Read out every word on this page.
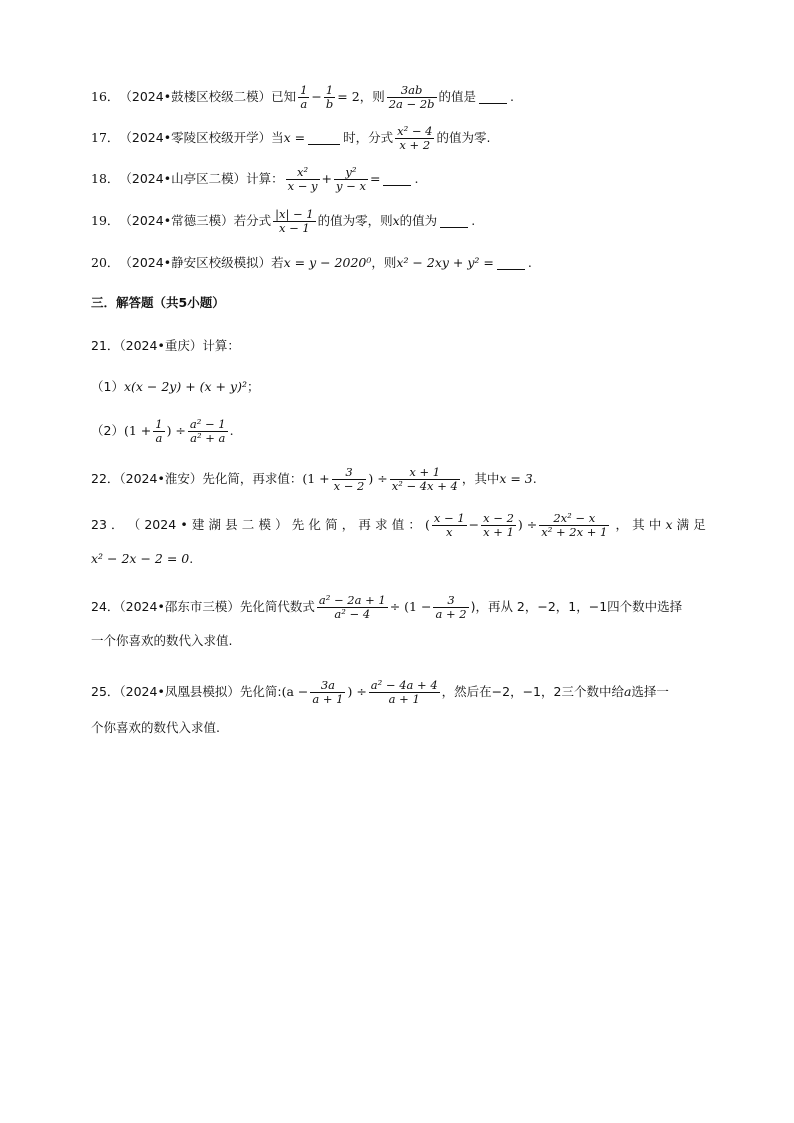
16． （2024•鼓楼区校级二模）已知 $\frac{1}{a} - \frac{1}{b} = 2$ ，则 $\frac{3ab}{2a - 2b}$ 的值是	.
17． （2024•零陵区校级开学）当 x =	时，分式 $\frac{\text{x² − 4}}{x + 2}$ 的值为零.
18． （2024•山亭区二模）计算： $\frac{\text{x²}}{x - y} + \frac{\text{y²}}{y - x}$ =	.
19． （2024•常德三模）若分式 $\frac{|x| - 1}{x - 1}$ 的值为零，则 x 的值为	.
20． （2024•静安区校级模拟）若 x = y − 2020⁰ ，则 x² − 2xy + y² =	.
三．解答题（共5小题）
21．（2024•重庆）计算：
（1） x(x − 2y) + (x + y)² ；
（2） ($1 + \frac{1}{a}$ ) ÷ $\frac{\text{a² − 1}}{\text{a² + a}}$ .
22．（2024•淮安）先化简，再求值： ($1 + \frac{3}{x - 2}$ ) ÷ $\frac{x + 1}{\text{x² − 4x + 4}}$ ，其中 x = 3 .
23 ． （ 2024 • 建 湖 县 二 模 ） 先 化 简 ， 再 求 值 ： ( $\frac{x - 1}{x} - \frac{x - 2}{x + 1}$ ) ÷ $\frac{\text{2x² − x}}{\text{x² + 2x + 1}}$ ， 其 中 x 满 足
x² − 2x − 2 = 0 .
24．（2024•邵东市三模）先化简代数式 $\frac{\text{a² − 2a + 1}}{\text{a² − 4}} \div (1 - \frac{3}{a + 2}$ )，再从 2，−2，1，−1四个数中选择
一个你喜欢的数代入求值.
25．（2024•凤凰县模拟）先化简: ($a - \frac{3a}{a + 1}$ ) ÷ $\frac{\text{a² − 4a + 4}}{a + 1}$ ，然后在−2，−1，2三个数中给 a 选择一
个你喜欢的数代入求值.
